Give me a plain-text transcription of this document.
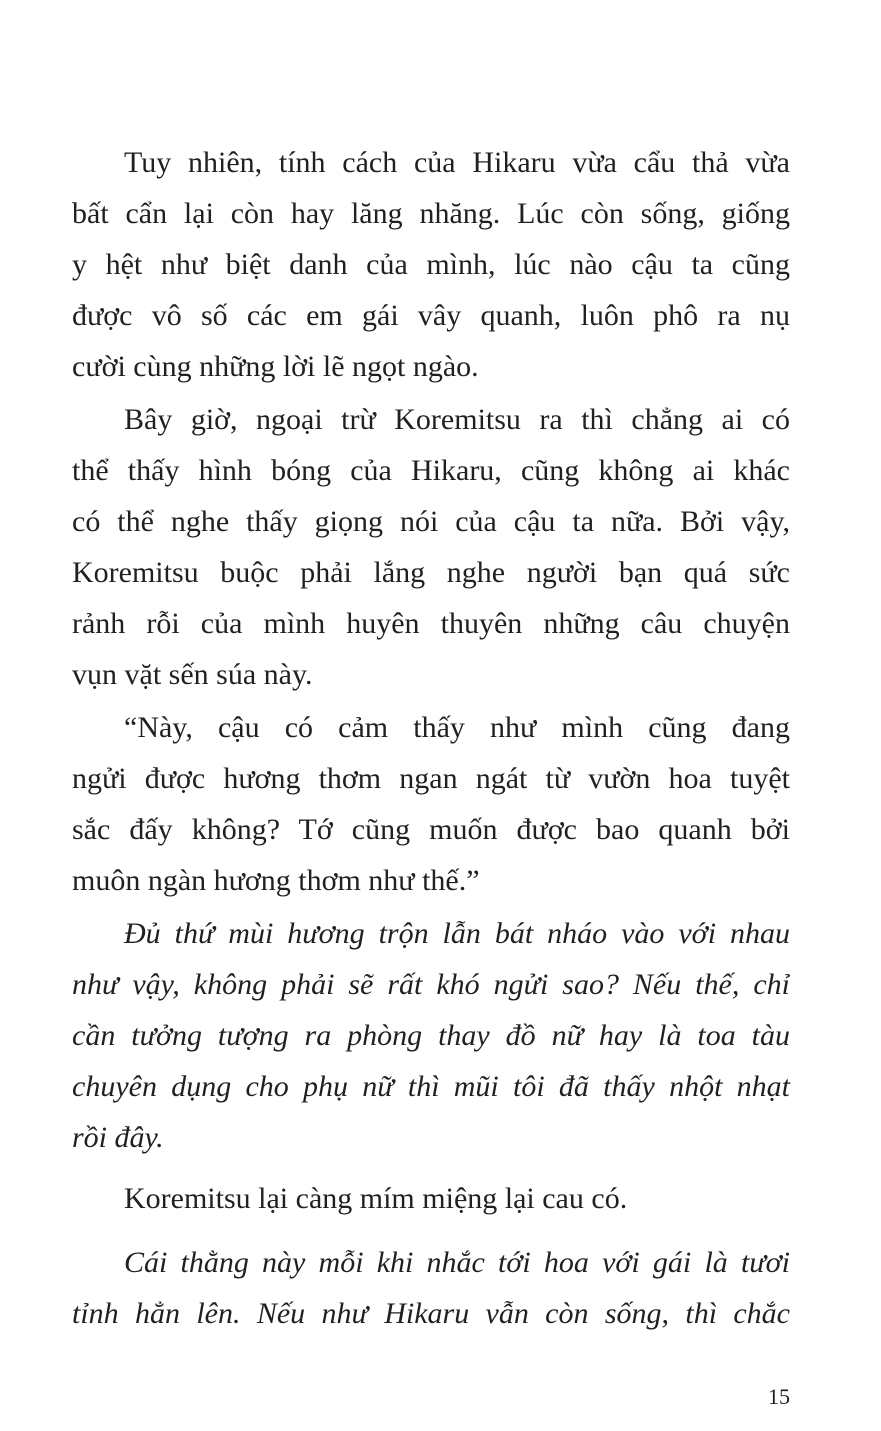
Tuy nhiên, tính cách của Hikaru vừa cẩu thả vừa
bất cẩn lại còn hay lăng nhăng. Lúc còn sống, giống
y hệt như biệt danh của mình, lúc nào cậu ta cũng
được vô số các em gái vây quanh, luôn phô ra nụ
cười cùng những lời lẽ ngọt ngào.
Bây giờ, ngoại trừ Koremitsu ra thì chẳng ai có
thể thấy hình bóng của Hikaru, cũng không ai khác
có thể nghe thấy giọng nói của cậu ta nữa. Bởi vậy,
Koremitsu buộc phải lắng nghe người bạn quá sức
rảnh rỗi của mình huyên thuyên những câu chuyện
vụn vặt sến súa này.
“Này, cậu có cảm thấy như mình cũng đang
ngửi được hương thơm ngan ngát từ vườn hoa tuyệt
sắc đấy không? Tớ cũng muốn được bao quanh bởi
muôn ngàn hương thơm như thế.”
Đủ thứ mùi hương trộn lẫn bát nháo vào với nhau
như vậy, không phải sẽ rất khó ngửi sao? Nếu thế, chỉ
cần tưởng tượng ra phòng thay đồ nữ hay là toa tàu
chuyên dụng cho phụ nữ thì mũi tôi đã thấy nhột nhạt
rồi đây.
Koremitsu lại càng mím miệng lại cau có.
Cái thằng này mỗi khi nhắc tới hoa với gái là tươi
tỉnh hẳn lên. Nếu như Hikaru vẫn còn sống, thì chắc
15
